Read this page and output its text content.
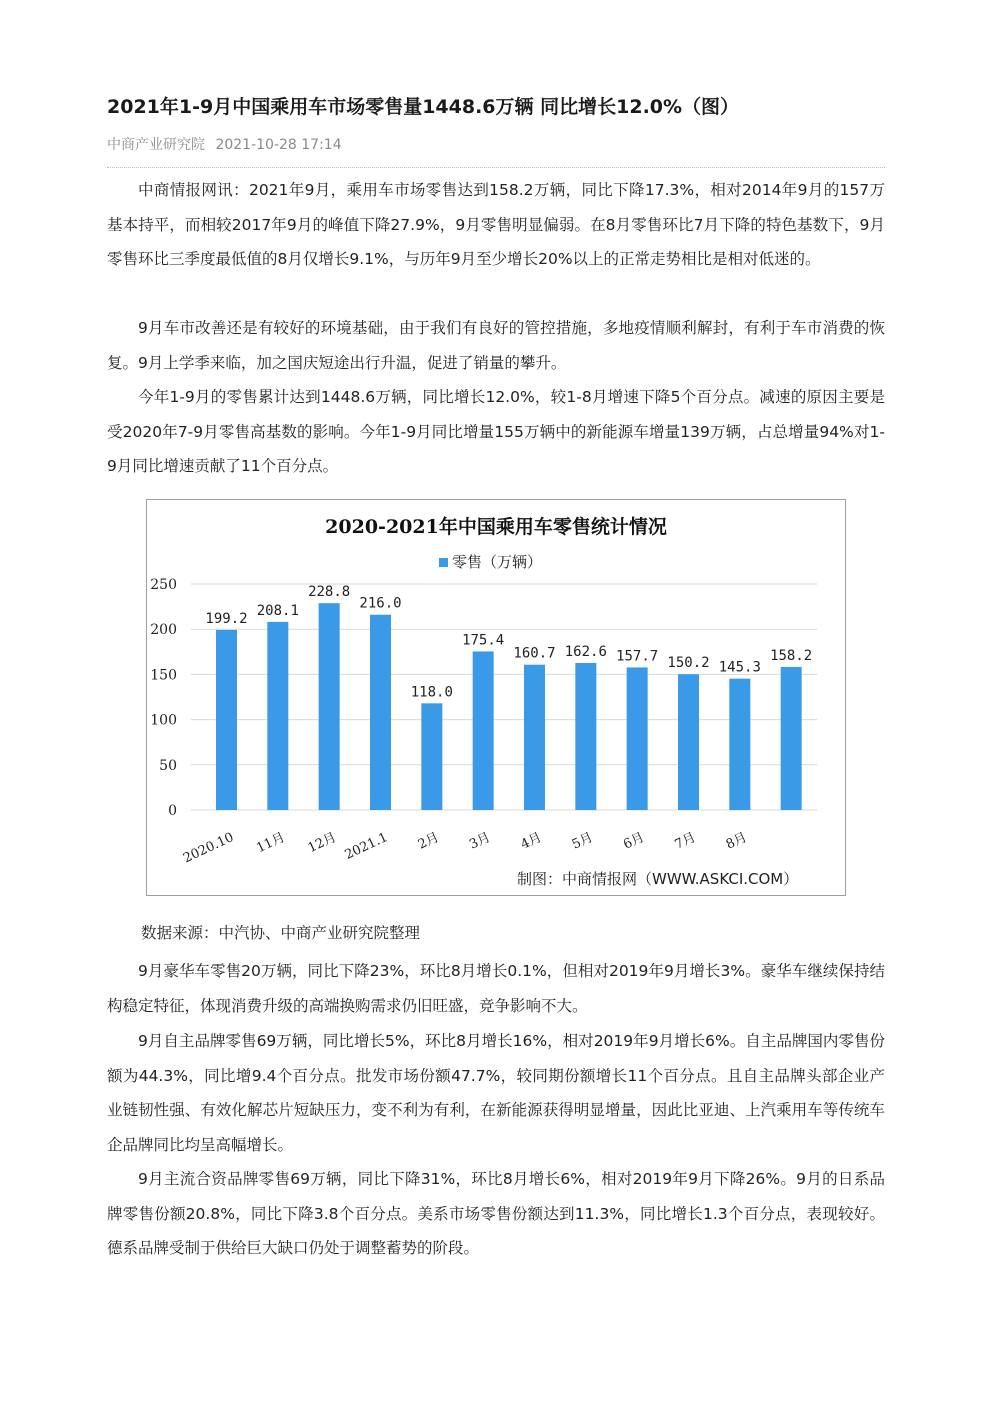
2021年1-9月中国乘用车市场零售量1448.6万辆 同比增长12.0%（图）
中商产业研究院 2021-10-28 17:14

中商情报网讯：2021年9月，乘用车市场零售达到158.2万辆，同比下降17.3%，相对2014年9月的157万基本持平，而相较2017年9月的峰值下降27.9%，9月零售明显偏弱。在8月零售环比7月下降的特色基数下，9月零售环比三季度最低值的8月仅增长9.1%，与历年9月至少增长20%以上的正常走势相比是相对低迷的。

9月车市改善还是有较好的环境基础，由于我们有良好的管控措施，多地疫情顺利解封，有利于车市消费的恢复。9月上学季来临，加之国庆短途出行升温，促进了销量的攀升。

今年1-9月的零售累计达到1448.6万辆，同比增长12.0%，较1-8月增速下降5个百分点。减速的原因主要是受2020年7-9月零售高基数的影响。今年1-9月同比增量155万辆中的新能源车增量139万辆，占总增量94%对1-9月同比增速贡献了11个百分点。

2020-2021年中国乘用车零售统计情况
零售（万辆）
199.2
208.1
228.8
216.0
118.0
175.4
160.7 162.6 157.7 150.2 145.3
158.2
0
50
100
150
200
250
2020.10 11月 12月 2021.1 2月 3月 4月 5月 6月 7月 8月
制图：中商情报网（WWW.ASKCI.COM）
数据来源：中汽协、中商产业研究院整理

9月豪华车零售20万辆，同比下降23%，环比8月增长0.1%，但相对2019年9月增长3%。豪华车继续保持结构稳定特征，体现消费升级的高端换购需求仍旧旺盛，竞争影响不大。

9月自主品牌零售69万辆，同比增长5%，环比8月增长16%，相对2019年9月增长6%。自主品牌国内零售份额为44.3%，同比增9.4个百分点。批发市场份额47.7%，较同期份额增长11个百分点。且自主品牌头部企业产业链韧性强、有效化解芯片短缺压力，变不利为有利，在新能源获得明显增量，因此比亚迪、上汽乘用车等传统车企品牌同比均呈高幅增长。

9月主流合资品牌零售69万辆，同比下降31%，环比8月增长6%，相对2019年9月下降26%。9月的日系品牌零售份额20.8%，同比下降3.8个百分点。美系市场零售份额达到11.3%，同比增长1.3个百分点，表现较好。德系品牌受制于供给巨大缺口仍处于调整蓄势的阶段。
